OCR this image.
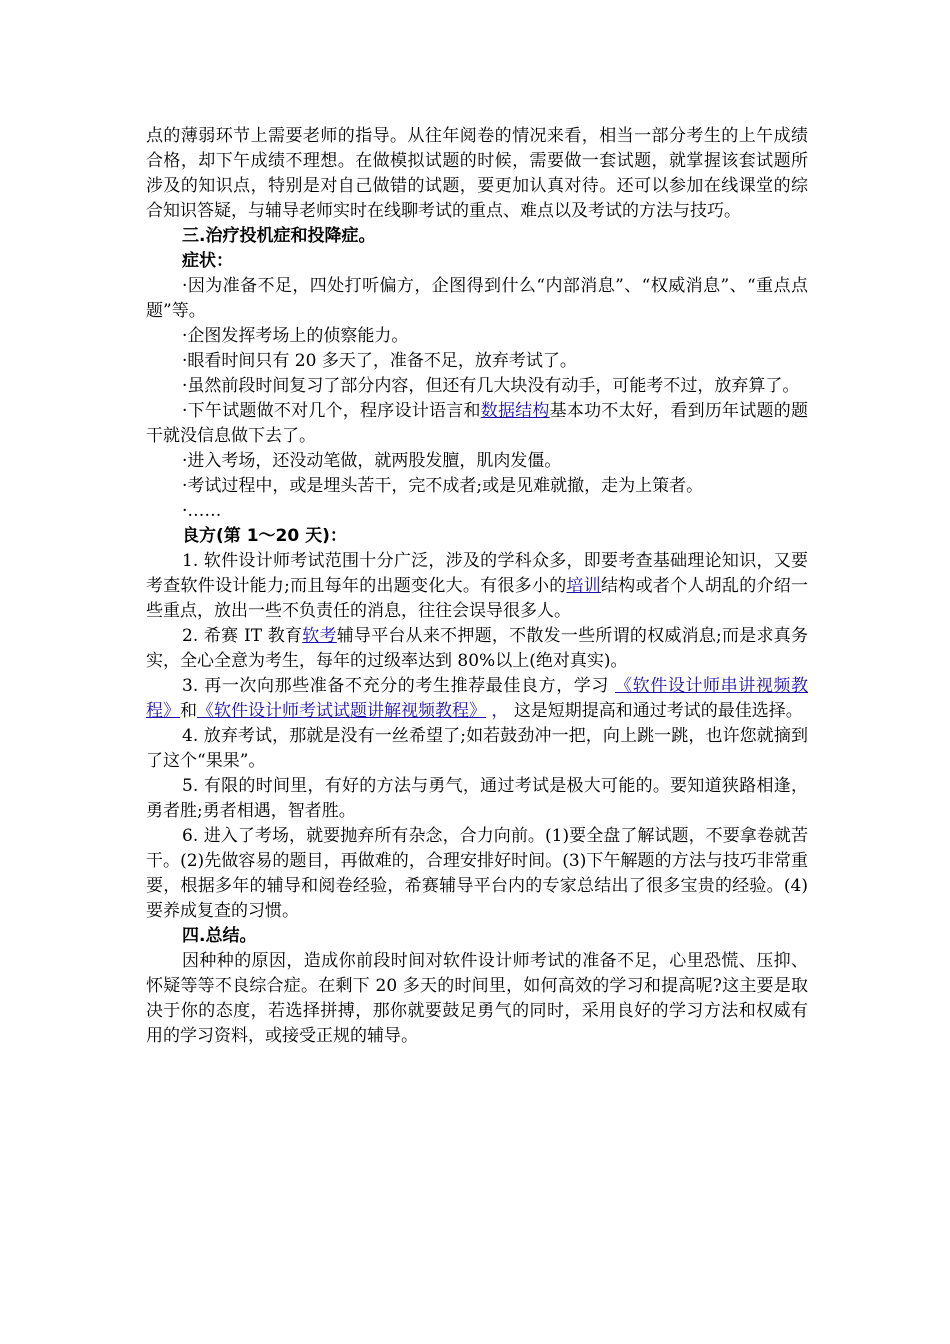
点的薄弱环节上需要老师的指导。从往年阅卷的情况来看，相当一部分考生的上午成绩合格，却下午成绩不理想。在做模拟试题的时候，需要做一套试题，就掌握该套试题所涉及的知识点，特别是对自己做错的试题，要更加认真对待。还可以参加在线课堂的综合知识答疑，与辅导老师实时在线聊考试的重点、难点以及考试的方法与技巧。

三.治疗投机症和投降症。

症状：

·因为准备不足，四处打听偏方，企图得到什么“内部消息”、“权威消息”、“重点点题”等。

·企图发挥考场上的侦察能力。

·眼看时间只有 20 多天了，准备不足，放弃考试了。

·虽然前段时间复习了部分内容，但还有几大块没有动手，可能考不过，放弃算了。

·下午试题做不对几个，程序设计语言和数据结构基本功不太好，看到历年试题的题干就没信息做下去了。

·进入考场，还没动笔做，就两股发膻，肌肉发僵。

·考试过程中，或是埋头苦干，完不成者;或是见难就撤，走为上策者。

·……

良方(第 1～20 天)：

1. 软件设计师考试范围十分广泛，涉及的学科众多，即要考查基础理论知识，又要考查软件设计能力;而且每年的出题变化大。有很多小的培训结构或者个人胡乱的介绍一些重点，放出一些不负责任的消息，往往会误导很多人。

2. 希赛 IT 教育软考辅导平台从来不押题，不散发一些所谓的权威消息;而是求真务实，全心全意为考生，每年的过级率达到 80%以上(绝对真实)。

3. 再一次向那些准备不充分的考生推荐最佳良方，学习 《软件设计师串讲视频教程》和《软件设计师考试试题讲解视频教程》 ， 这是短期提高和通过考试的最佳选择。

4. 放弃考试，那就是没有一丝希望了;如若鼓劲冲一把，向上跳一跳，也许您就摘到了这个“果果”。

5. 有限的时间里，有好的方法与勇气，通过考试是极大可能的。要知道狭路相逢，勇者胜;勇者相遇，智者胜。

6. 进入了考场，就要抛弃所有杂念，合力向前。(1)要全盘了解试题，不要拿卷就苦干。(2)先做容易的题目，再做难的，合理安排好时间。(3)下午解题的方法与技巧非常重要，根据多年的辅导和阅卷经验，希赛辅导平台内的专家总结出了很多宝贵的经验。(4)要养成复查的习惯。

四.总结。

因种种的原因，造成你前段时间对软件设计师考试的准备不足，心里恐慌、压抑、怀疑等等不良综合症。在剩下 20 多天的时间里，如何高效的学习和提高呢?这主要是取决于你的态度，若选择拼搏，那你就要鼓足勇气的同时，采用良好的学习方法和权威有用的学习资料，或接受正规的辅导。
